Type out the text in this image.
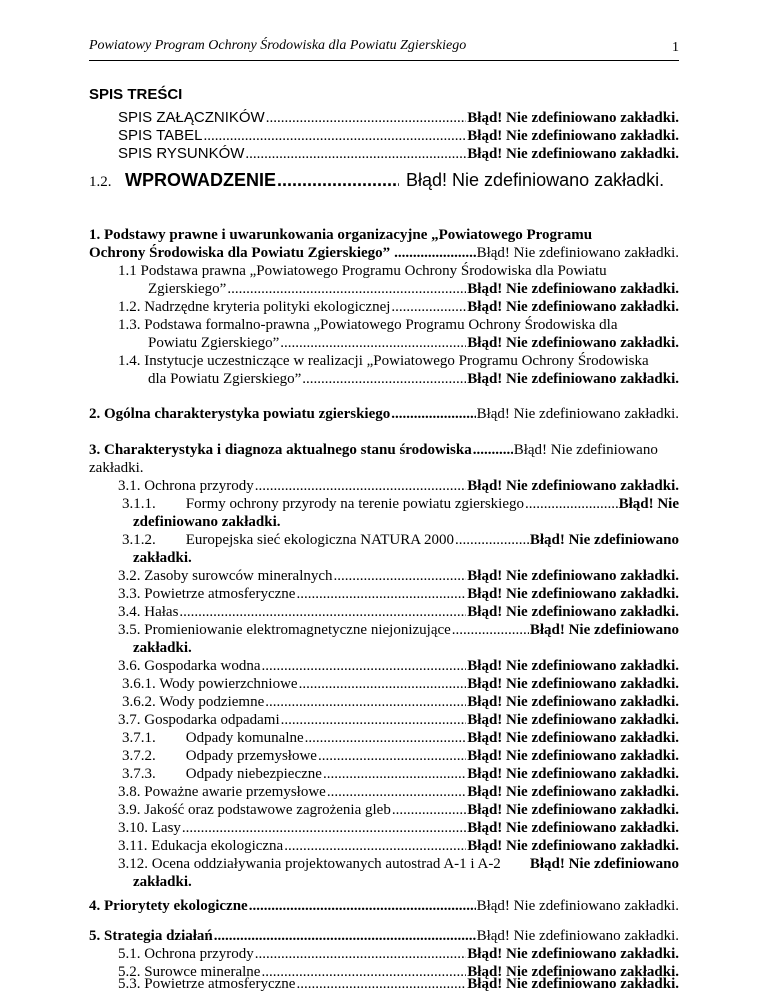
Powiatowy Program Ochrony Środowiska dla Powiatu Zgierskiego	1
SPIS TREŚCI
SPIS ZAŁĄCZNIKÓW .....	Błąd! Nie zdefiniowano zakładki.
SPIS TABEL .....	Błąd! Nie zdefiniowano zakładki.
SPIS RYSUNKÓW .....	Błąd! Nie zdefiniowano zakładki.
1.2. WPROWADZENIE .....	Błąd! Nie zdefiniowano zakładki.
1. Podstawy prawne i uwarunkowania organizacyjne „Powiatowego Programu
Ochrony Środowiska dla Powiatu Zgierskiego” .....	Błąd! Nie zdefiniowano zakładki.
1.1 Podstawa prawna „Powiatowego Programu Ochrony Środowiska dla Powiatu
Zgierskiego” .....	Błąd! Nie zdefiniowano zakładki.
1.2. Nadrzędne kryteria polityki ekologicznej .....	Błąd! Nie zdefiniowano zakładki.
1.3. Podstawa formalno-prawna „Powiatowego Programu Ochrony Środowiska dla
Powiatu Zgierskiego” .....	Błąd! Nie zdefiniowano zakładki.
1.4. Instytucje uczestniczące w realizacji „Powiatowego Programu Ochrony Środowiska
dla Powiatu Zgierskiego” .....	Błąd! Nie zdefiniowano zakładki.
2. Ogólna charakterystyka powiatu zgierskiego .....	Błąd! Nie zdefiniowano zakładki.
3. Charakterystyka i diagnoza aktualnego stanu środowiska .....	Błąd! Nie zdefiniowano
zakładki.
3.1. Ochrona przyrody .....	Błąd! Nie zdefiniowano zakładki.
3.1.1.        Formy ochrony przyrody na terenie powiatu zgierskiego .....	Błąd! Nie
zdefiniowano zakładki.
3.1.2.        Europejska sieć ekologiczna NATURA 2000 .....	Błąd! Nie zdefiniowano
zakładki.
3.2. Zasoby surowców mineralnych .....	Błąd! Nie zdefiniowano zakładki.
3.3. Powietrze atmosferyczne .....	Błąd! Nie zdefiniowano zakładki.
3.4. Hałas .....	Błąd! Nie zdefiniowano zakładki.
3.5. Promieniowanie elektromagnetyczne niejonizujące .....	Błąd! Nie zdefiniowano
zakładki.
3.6. Gospodarka wodna .....	Błąd! Nie zdefiniowano zakładki.
3.6.1. Wody powierzchniowe .....	Błąd! Nie zdefiniowano zakładki.
3.6.2. Wody podziemne .....	Błąd! Nie zdefiniowano zakładki.
3.7. Gospodarka odpadami .....	Błąd! Nie zdefiniowano zakładki.
3.7.1.        Odpady komunalne .....	Błąd! Nie zdefiniowano zakładki.
3.7.2.        Odpady przemysłowe .....	Błąd! Nie zdefiniowano zakładki.
3.7.3.        Odpady niebezpieczne .....	Błąd! Nie zdefiniowano zakładki.
3.8. Poważne awarie przemysłowe .....	Błąd! Nie zdefiniowano zakładki.
3.9. Jakość oraz podstawowe zagrożenia gleb .....	Błąd! Nie zdefiniowano zakładki.
3.10. Lasy .....	Błąd! Nie zdefiniowano zakładki.
3.11. Edukacja ekologiczna .....	Błąd! Nie zdefiniowano zakładki.
3.12. Ocena oddziaływania projektowanych autostrad A-1 i A-2 Błąd! Nie zdefiniowano
zakładki.
4. Priorytety ekologiczne .....	Błąd! Nie zdefiniowano zakładki.
5. Strategia działań .....	Błąd! Nie zdefiniowano zakładki.
5.1. Ochrona przyrody .....	Błąd! Nie zdefiniowano zakładki.
5.2. Surowce mineralne .....	Błąd! Nie zdefiniowano zakładki.
5.3. Powietrze atmosferyczne .....	Błąd! Nie zdefiniowano zakładki.
